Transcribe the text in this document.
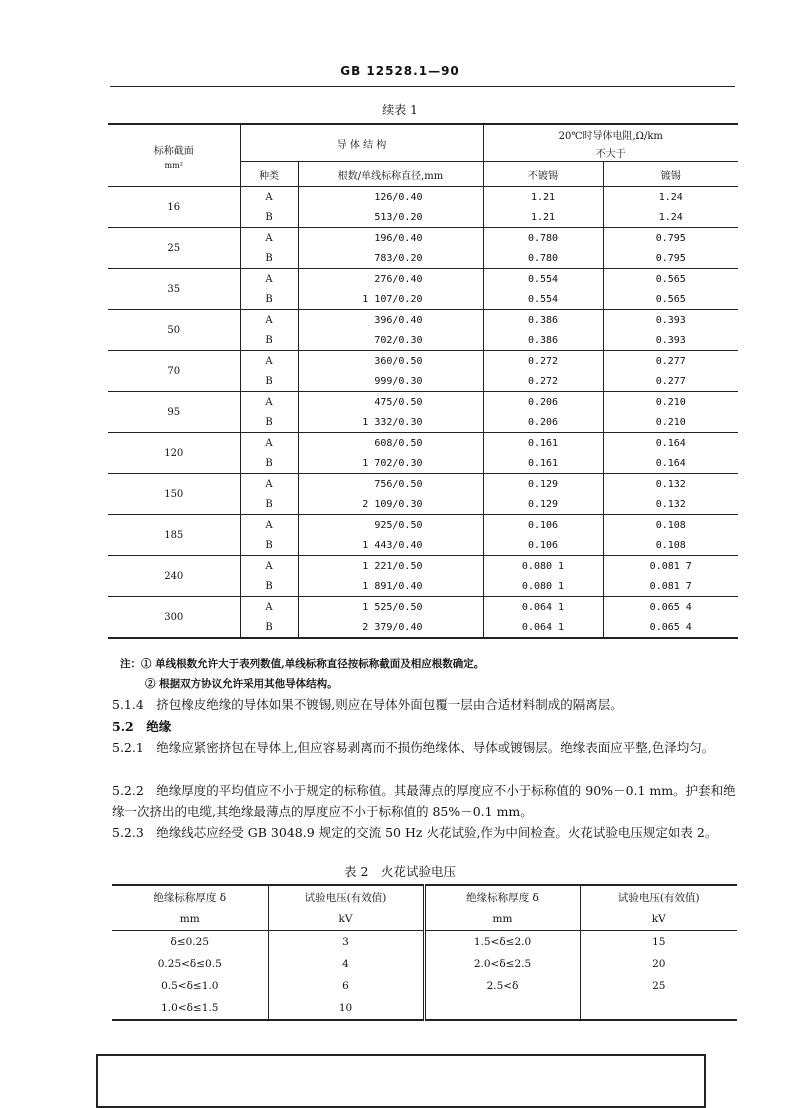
GB 12528.1—90
续表 1
标称截面
mm²	导 体 结 构		20℃时导体电阻,Ω/km	
			不大于	
	种类	根数/单线标称直径,mm	不镀锡	镀锡
16	A	126/0.40	1.21	1.24
	B	513/0.20	1.21	1.24
25	A	196/0.40	0.780	0.795
	B	783/0.20	0.780	0.795
35	A	276/0.40	0.554	0.565
	B	1 107/0.20	0.554	0.565
50	A	396/0.40	0.386	0.393
	B	702/0.30	0.386	0.393
70	A	360/0.50	0.272	0.277
	B	999/0.30	0.272	0.277
95	A	475/0.50	0.206	0.210
	B	1 332/0.30	0.206	0.210
120	A	608/0.50	0.161	0.164
	B	1 702/0.30	0.161	0.164
150	A	756/0.50	0.129	0.132
	B	2 109/0.30	0.129	0.132
185	A	925/0.50	0.106	0.108
	B	1 443/0.40	0.106	0.108
240	A	1 221/0.50	0.080 1	0.081 7
	B	1 891/0.40	0.080 1	0.081 7
300	A	1 525/0.50	0.064 1	0.065 4
	B	2 379/0.40	0.064 1	0.065 4
注：① 单线根数允许大于表列数值,单线标称直径按标称截面及相应根数确定。
② 根据双方协议允许采用其他导体结构。
5.1.4　挤包橡皮绝缘的导体如果不镀锡,则应在导体外面包覆一层由合适材料制成的隔离层。
5.2　绝缘
5.2.1　绝缘应紧密挤包在导体上,但应容易剥离而不损伤绝缘体、导体或镀锡层。绝缘表面应平整,色泽均匀。
5.2.2　绝缘厚度的平均值应不小于规定的标称值。其最薄点的厚度应不小于标称值的 90%－0.1 mm。护套和绝缘一次挤出的电缆,其绝缘最薄点的厚度应不小于标称值的 85%－0.1 mm。
5.2.3　绝缘线芯应经受 GB 3048.9 规定的交流 50 Hz 火花试验,作为中间检查。火花试验电压规定如表 2。
表 2　火花试验电压
绝缘标称厚度 δ	试验电压(有效值)	绝缘标称厚度 δ	试验电压(有效值)
mm	kV	mm	kV
δ≤0.25	3	1.5<δ≤2.0	15
0.25<δ≤0.5	4	2.0<δ≤2.5	20
0.5<δ≤1.0	6	2.5<δ	25
1.0<δ≤1.5	10		
